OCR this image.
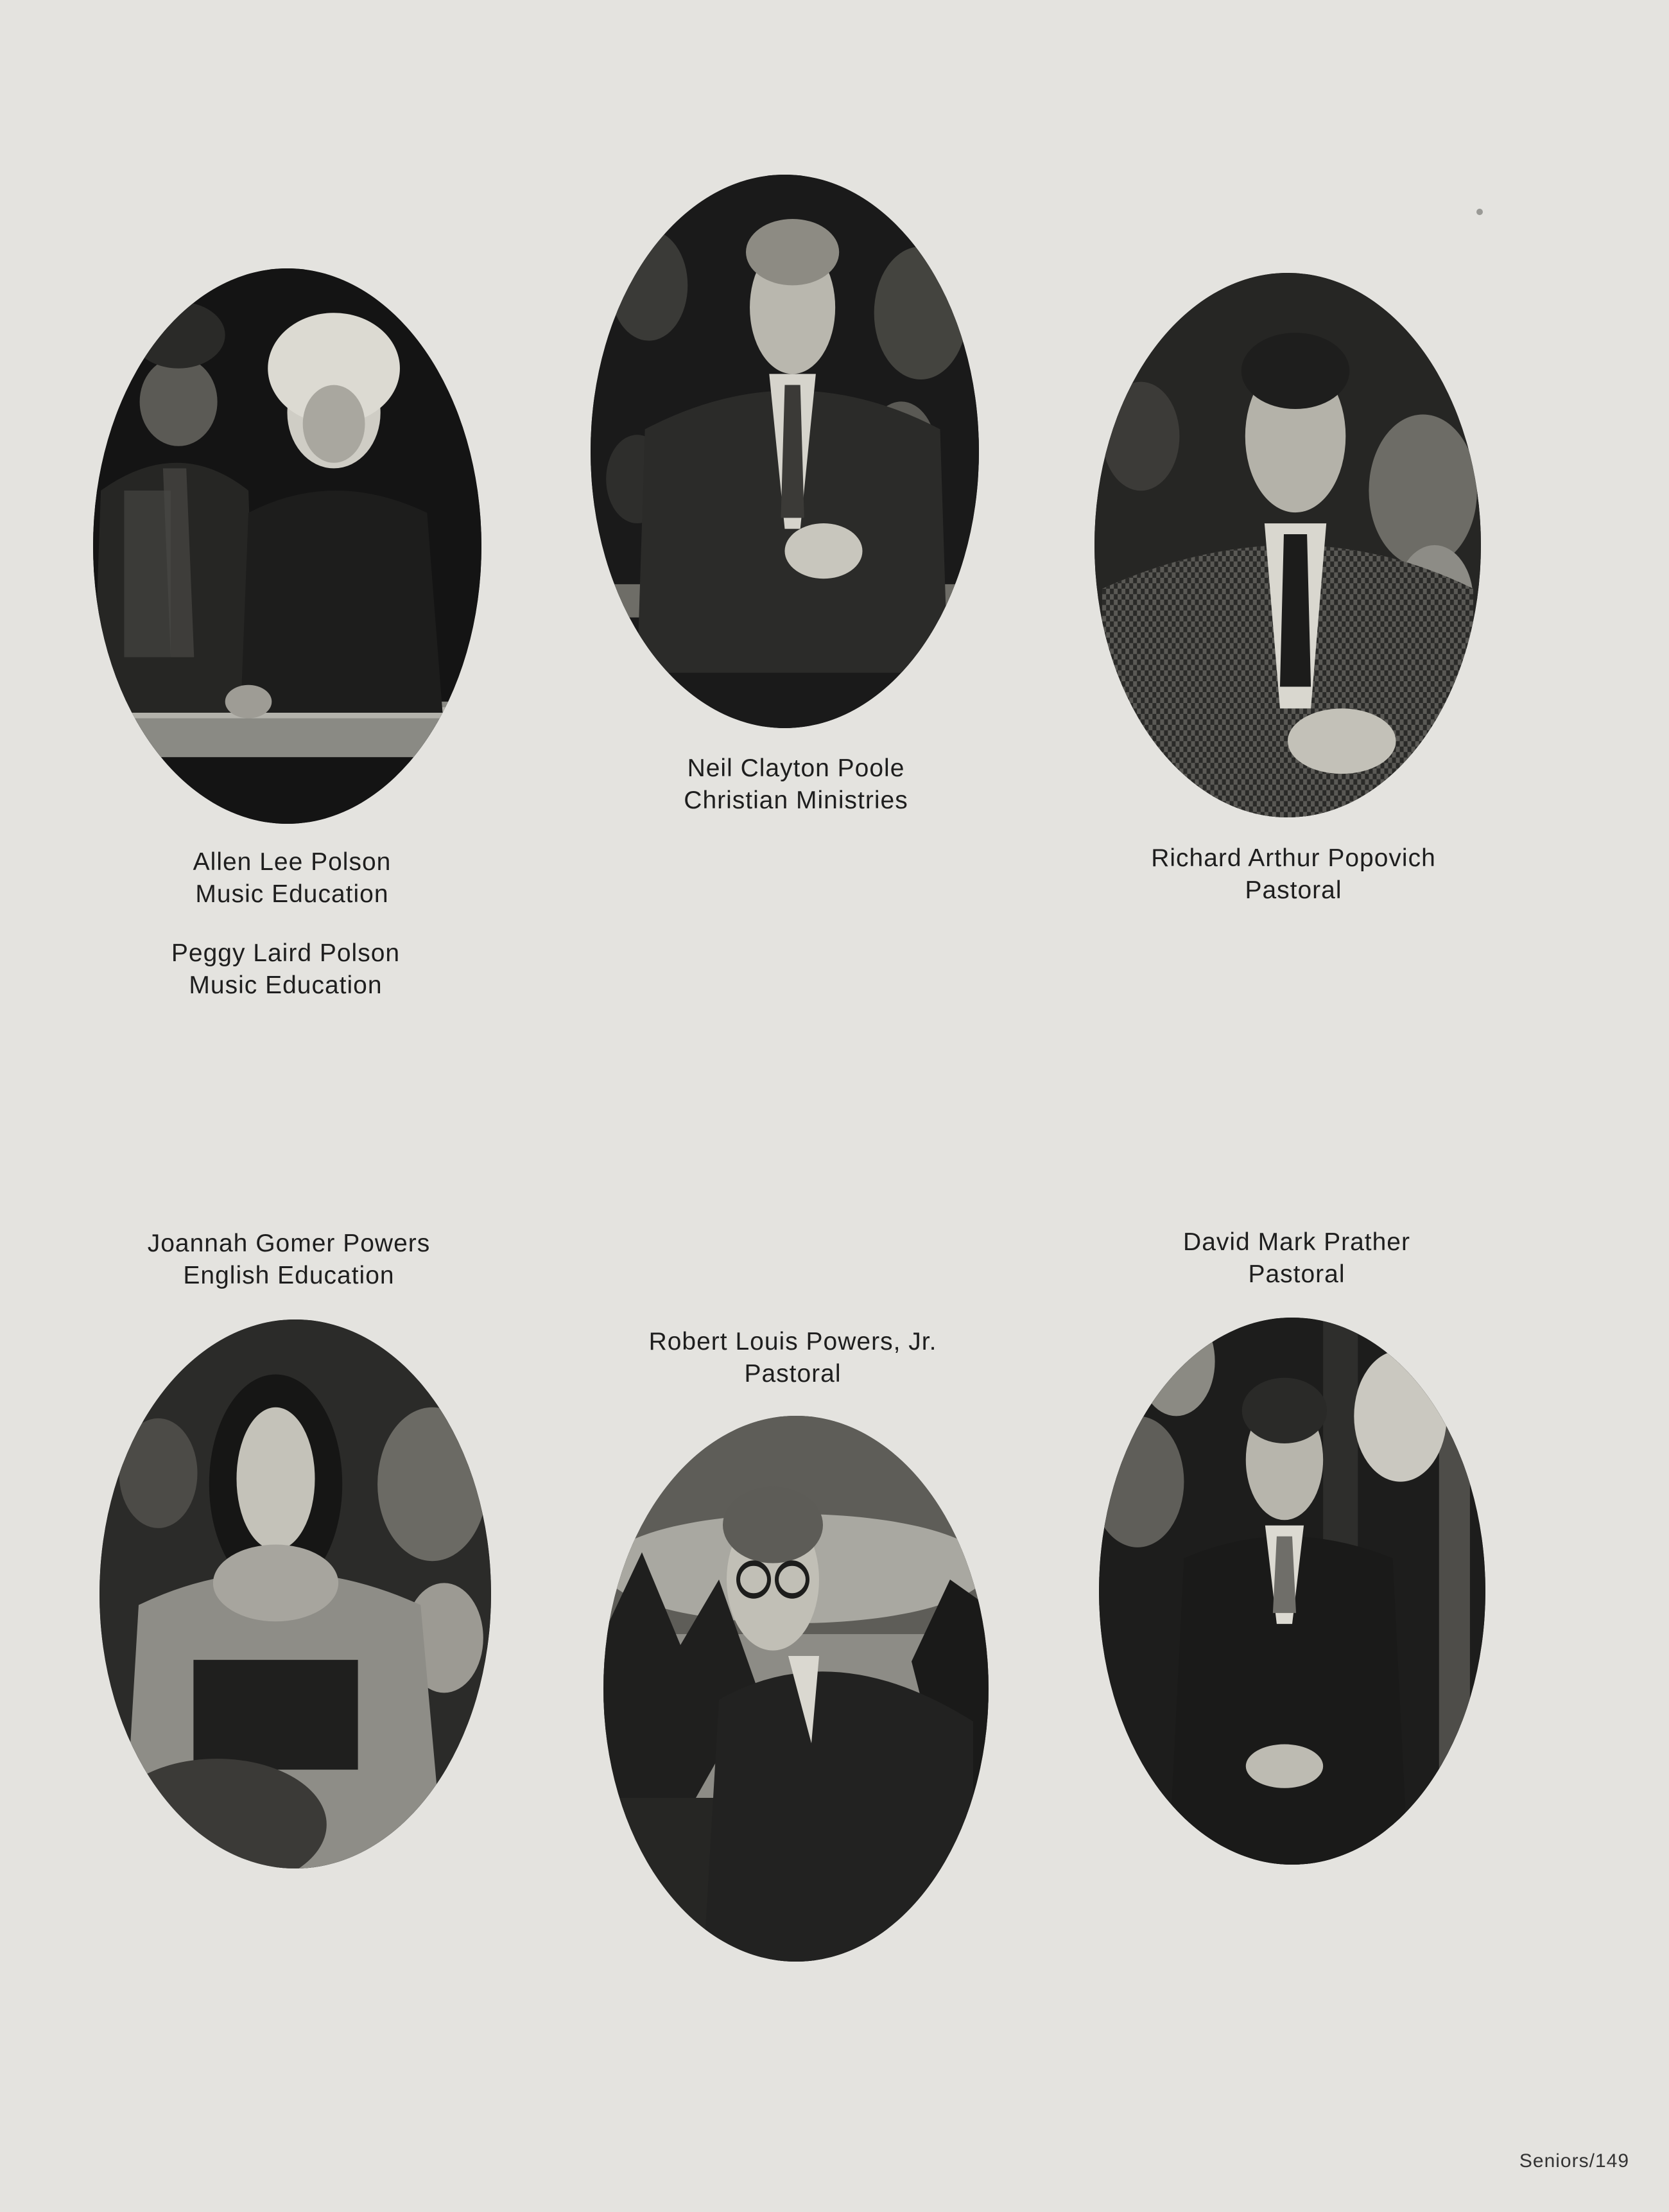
Allen Lee Polson
Music Education
Peggy Laird Polson
Music Education
Neil Clayton Poole
Christian Ministries
Richard Arthur Popovich
Pastoral
Joannah Gomer Powers
English Education
Robert Louis Powers, Jr.
Pastoral
David Mark Prather
Pastoral
Seniors/149
